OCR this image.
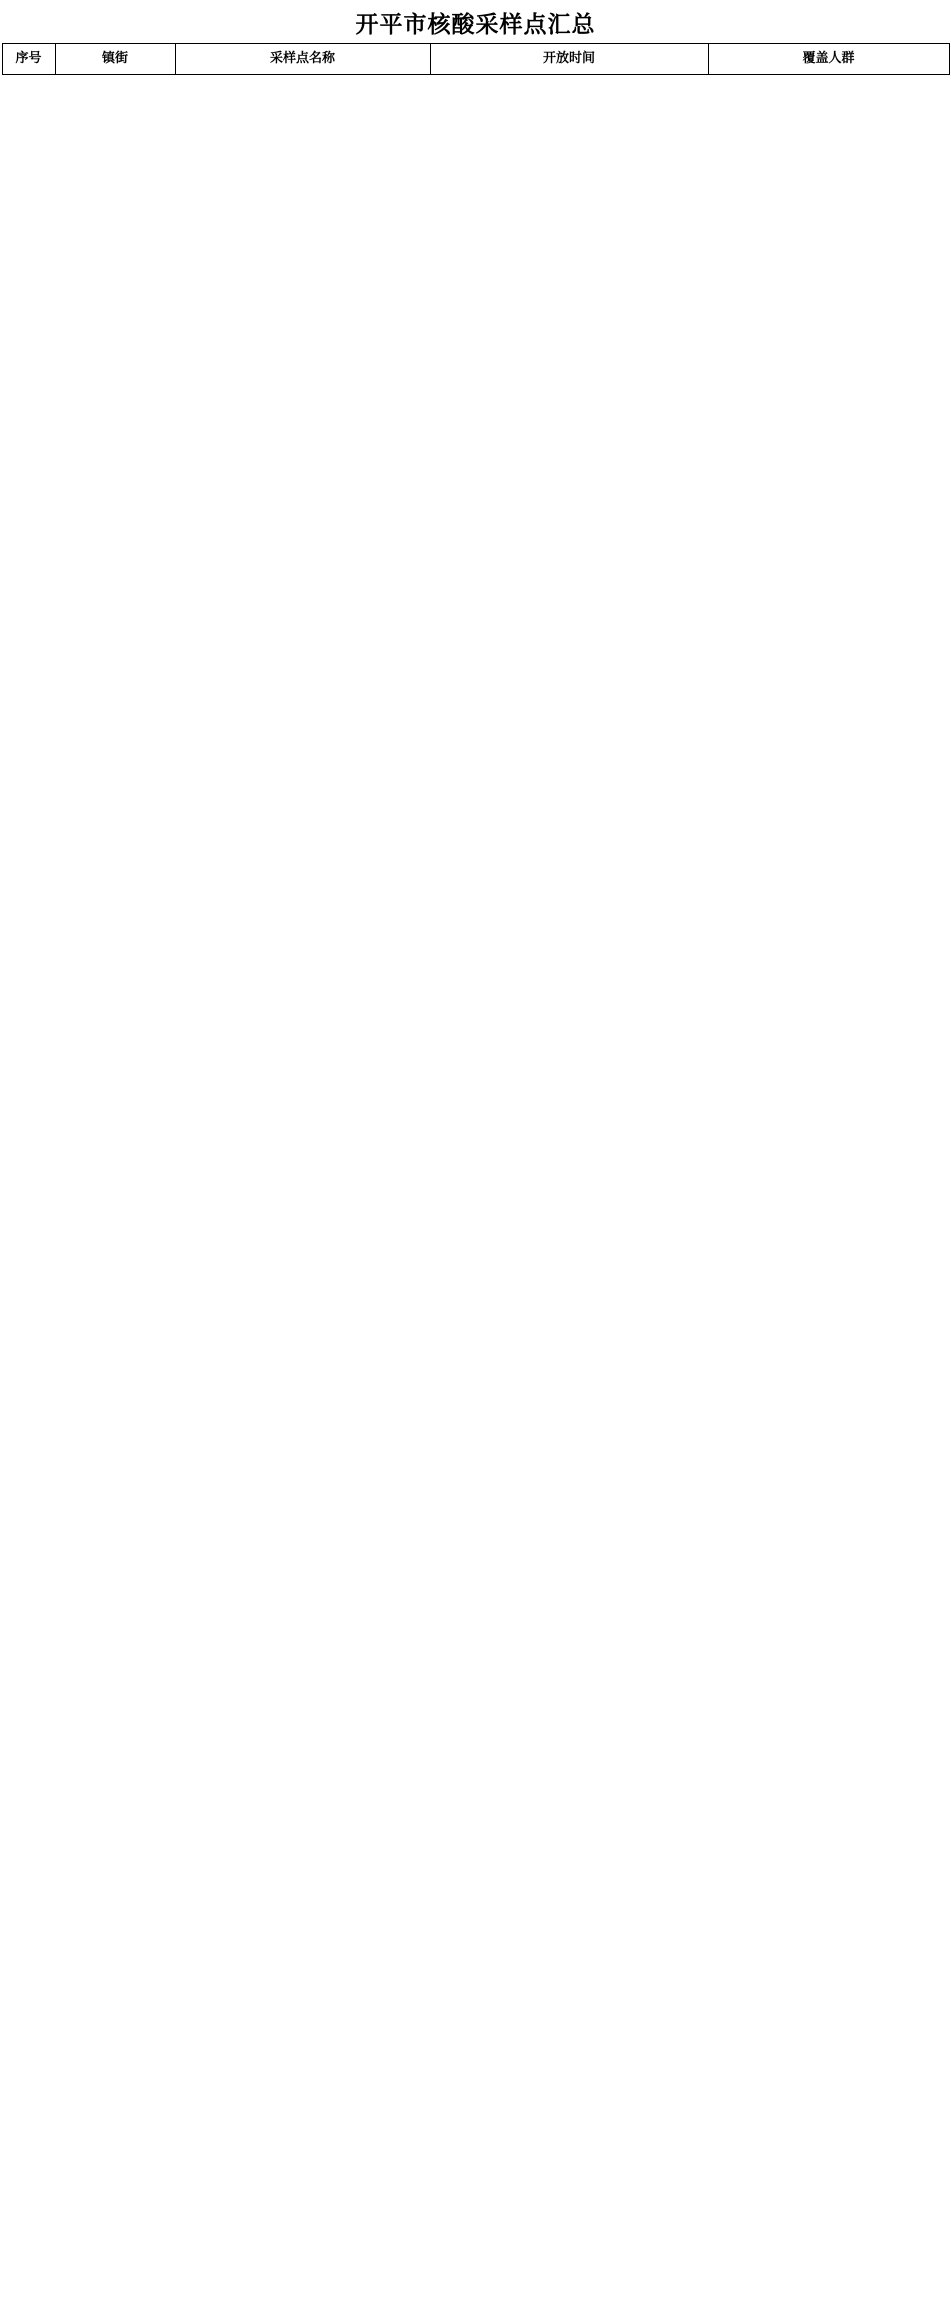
开平市核酸采样点汇总
序号	镇街	采样点名称	开放时间	覆盖人群
